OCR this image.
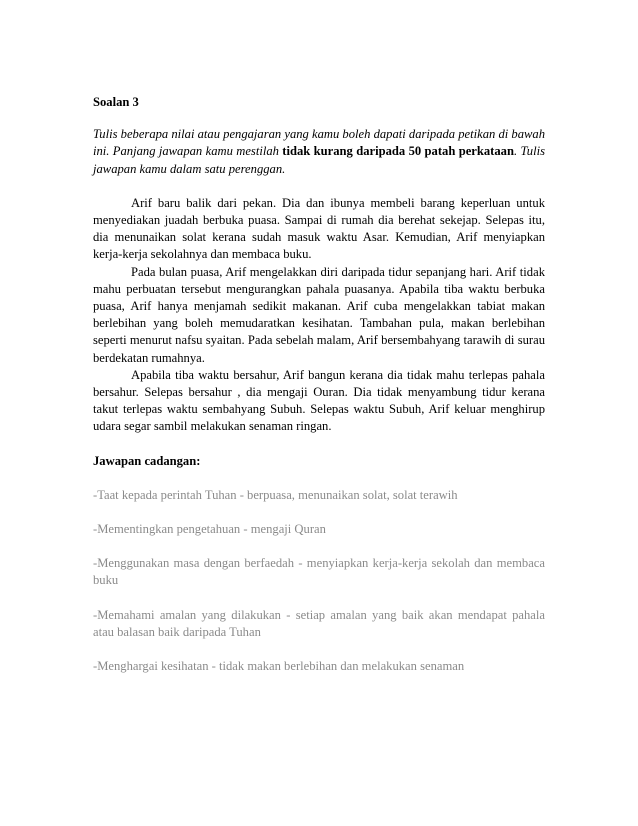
Soalan 3
Tulis beberapa nilai atau pengajaran yang kamu boleh dapati daripada petikan di bawah ini. Panjang jawapan kamu mestilah tidak kurang daripada 50 patah perkataan. Tulis jawapan kamu dalam satu perenggan.

Arif baru balik dari pekan. Dia dan ibunya membeli barang keperluan untuk menyediakan juadah berbuka puasa. Sampai di rumah dia berehat sekejap. Selepas itu, dia menunaikan solat kerana sudah masuk waktu Asar. Kemudian, Arif menyiapkan kerja-kerja sekolahnya dan membaca buku.

Pada bulan puasa, Arif mengelakkan diri daripada tidur sepanjang hari. Arif tidak mahu perbuatan tersebut mengurangkan pahala puasanya. Apabila tiba waktu berbuka puasa, Arif hanya menjamah sedikit makanan. Arif cuba mengelakkan tabiat makan berlebihan yang boleh memudaratkan kesihatan. Tambahan pula, makan berlebihan seperti menurut nafsu syaitan. Pada sebelah malam, Arif bersembahyang tarawih di surau berdekatan rumahnya.

Apabila tiba waktu bersahur, Arif bangun kerana dia tidak mahu terlepas pahala bersahur. Selepas bersahur , dia mengaji Ouran. Dia tidak menyambung tidur kerana takut terlepas waktu sembahyang Subuh. Selepas waktu Subuh, Arif keluar menghirup udara segar sambil melakukan senaman ringan.

Jawapan cadangan:
-Taat kepada perintah Tuhan - berpuasa, menunaikan solat, solat terawih
-Mementingkan pengetahuan - mengaji Quran
-Menggunakan masa dengan berfaedah - menyiapkan kerja-kerja sekolah dan membaca buku
-Memahami amalan yang dilakukan - setiap amalan yang baik akan mendapat pahala atau balasan baik daripada Tuhan
-Menghargai kesihatan - tidak makan berlebihan dan melakukan senaman
